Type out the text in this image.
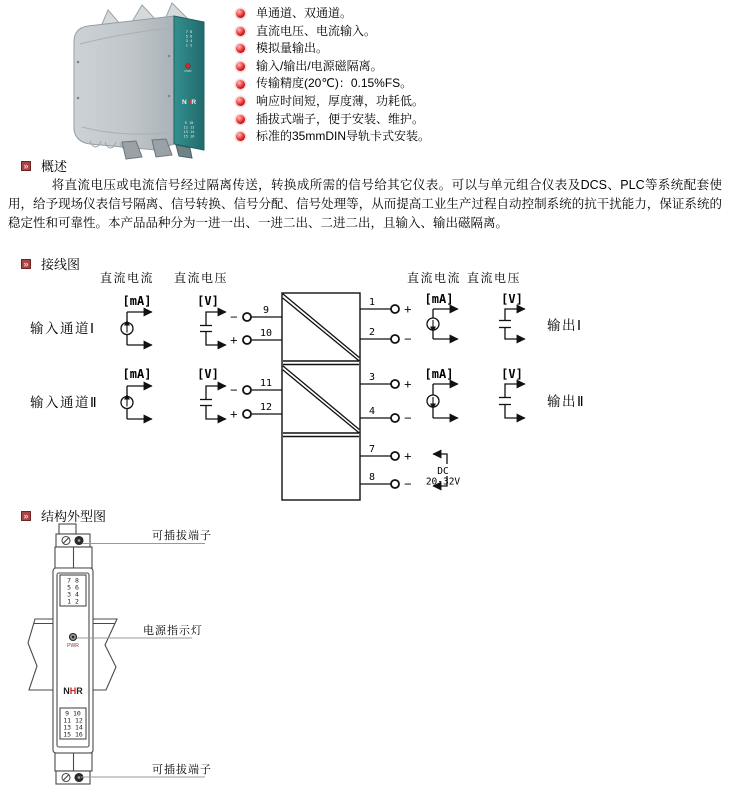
7 8
5 6
3 4
1 2
PWR
NHR
9 10
11 12
13 14
15 16
单通道、双通道。
直流电压、电流输入。
模拟量输出。
输入/输出/电源磁隔离。
传输精度(20℃)：0.15%FS。
响应时间短，厚度薄，功耗低。
插拔式端子，便于安装、维护。
标准的35mmDIN导轨卡式安装。
»
概述
将直流电压或电流信号经过隔离传送，转换成所需的信号给其它仪表。可以与单元组合仪表及DCS、PLC等系统配套使用，给予现场仪表信号隔离、信号转换、信号分配、信号处理等，从而提高工业生产过程自动控制系统的抗干扰能力，保证系统的稳定性和可靠性。本产品品种分为一进一出、一进二出、二进二出，且输入、输出磁隔离。
»
接线图
直流电流 直流电压	直流电流 直流电压
[mA]	[V]
[mA]	[V]
[mA]	[V]
[mA]	[V]
输入通道Ⅰ
输入通道Ⅱ
输出Ⅰ
输出Ⅱ
−	9
+ 10
− 11
+ 12
1 +
2 −
3 +
4 −
7 +
8 −
DC
20-32V
»
结构外型图
7 8
5 6
3 4
1 2
PWR
NHR
9 10
11 12
13 14
15 16
可插拔端子
电源指示灯
可插拔端子
